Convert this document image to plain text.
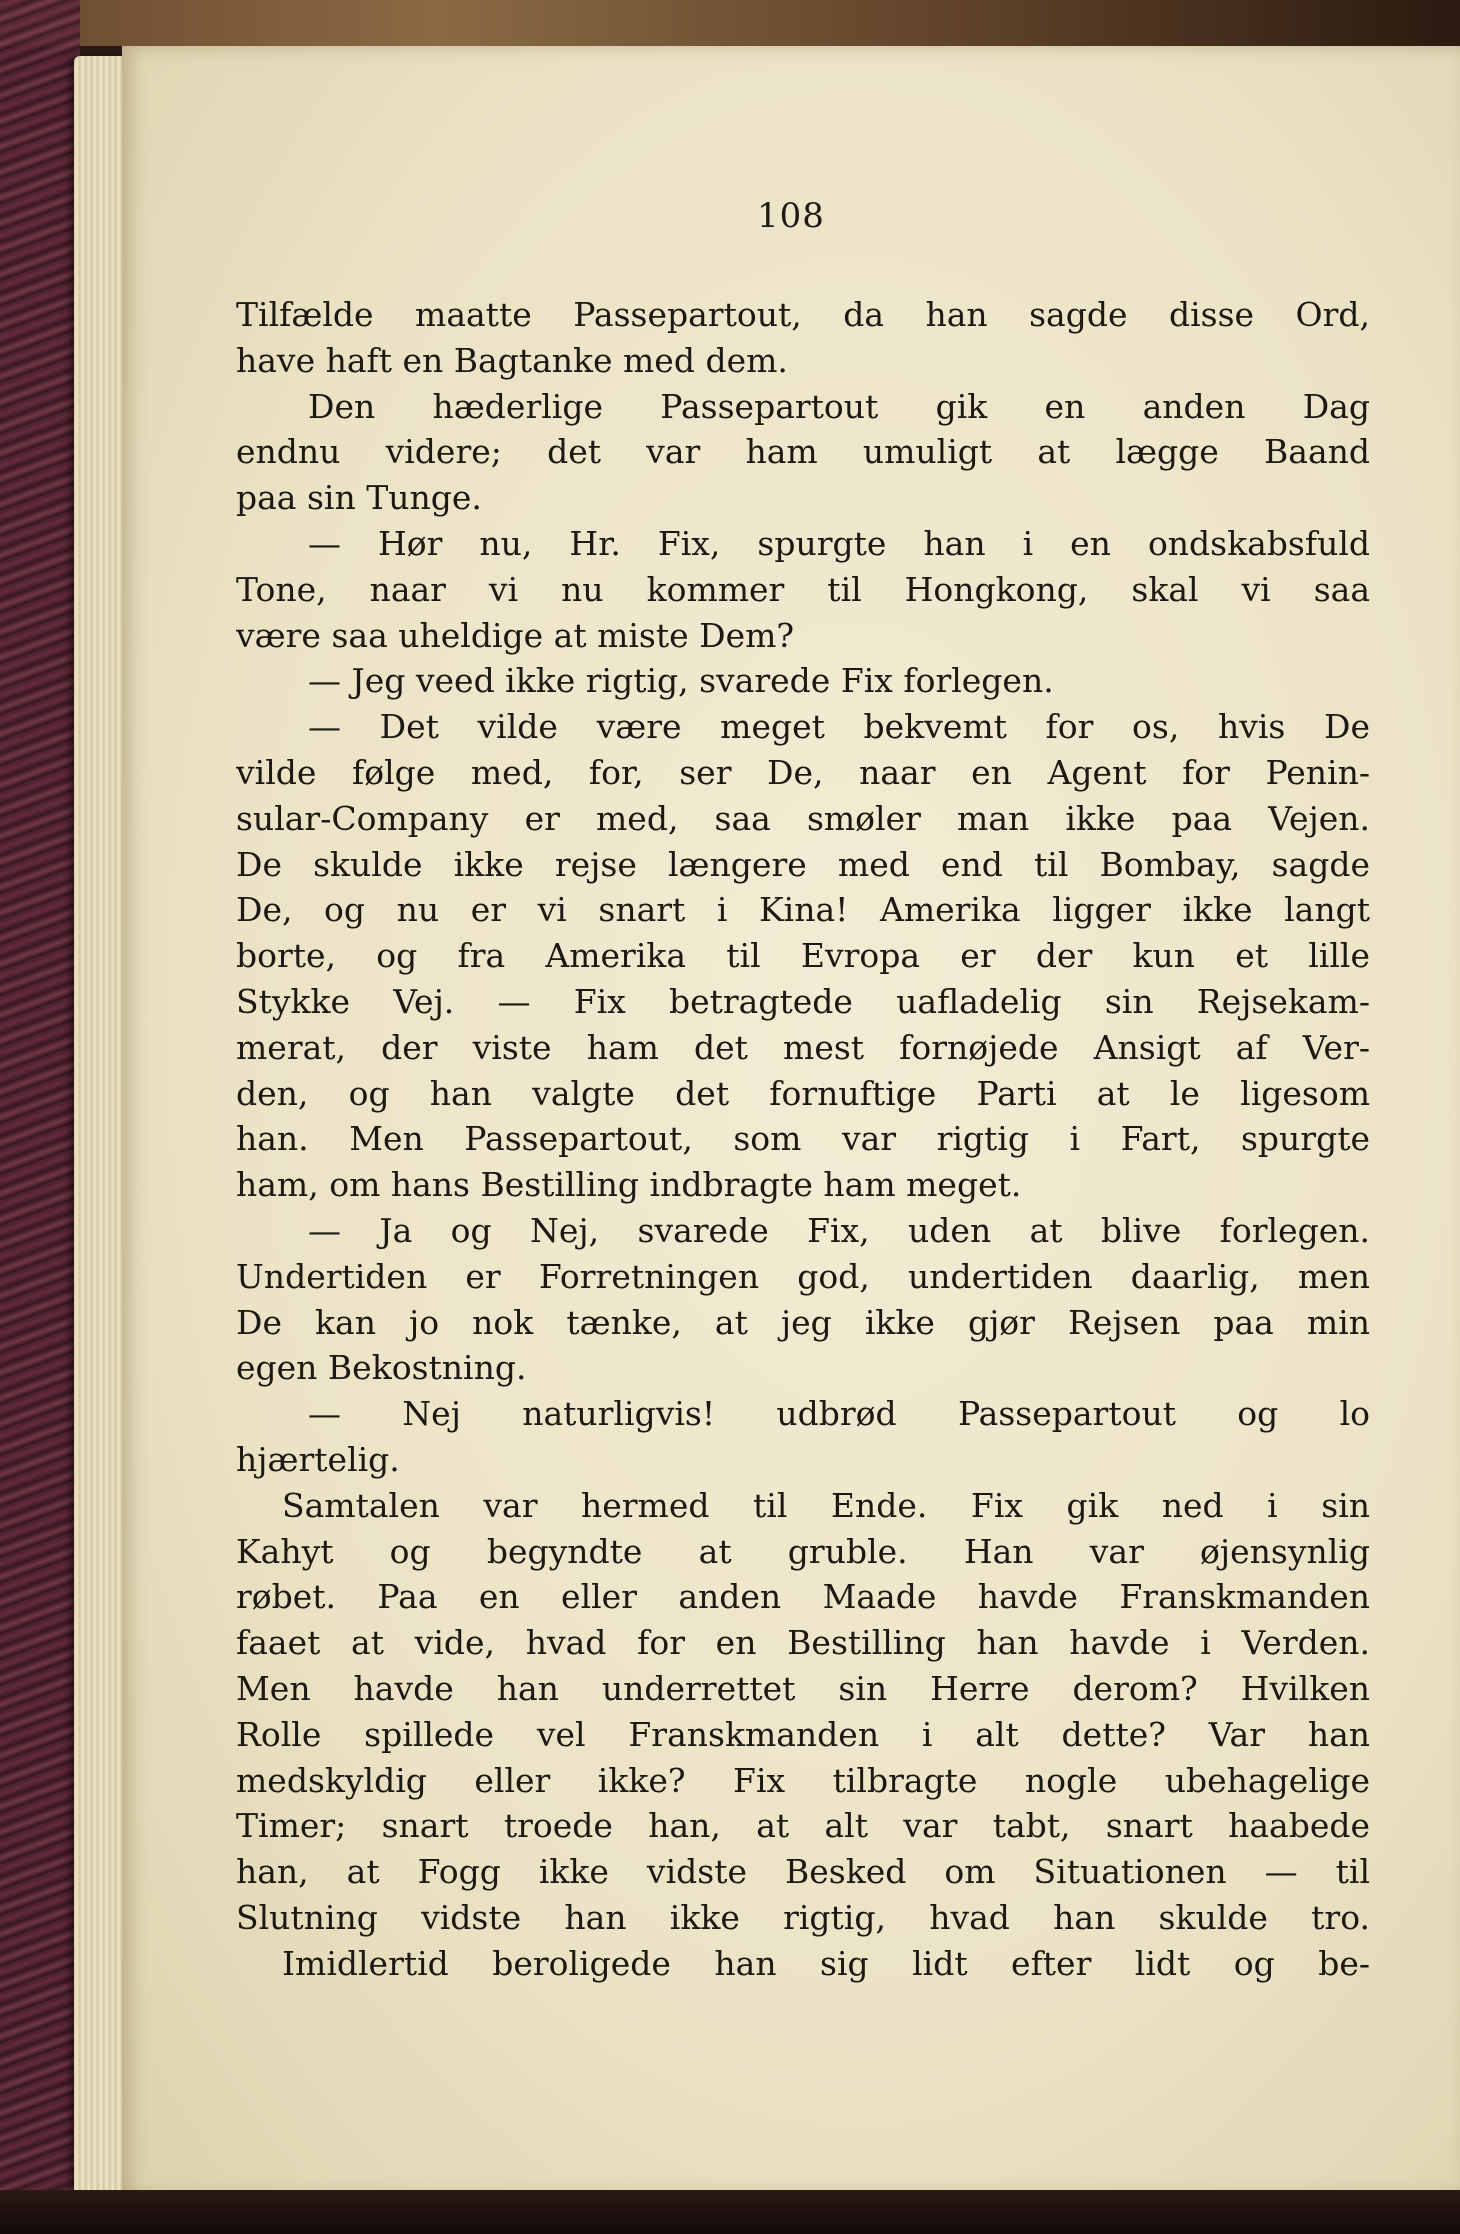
108
Tilfælde maatte Passepartout, da han sagde disse Ord,
have haft en Bagtanke med dem.
Den hæderlige Passepartout gik en anden Dag
endnu videre; det var ham umuligt at lægge Baand
paa sin Tunge.
— Hør nu, Hr. Fix, spurgte han i en ondskabsfuld
Tone, naar vi nu kommer til Hongkong, skal vi saa
være saa uheldige at miste Dem?
— Jeg veed ikke rigtig, svarede Fix forlegen.
— Det vilde være meget bekvemt for os, hvis De
vilde følge med, for, ser De, naar en Agent for Penin-
sular-Company er med, saa smøler man ikke paa Vejen.
De skulde ikke rejse længere med end til Bombay, sagde
De, og nu er vi snart i Kina! Amerika ligger ikke langt
borte, og fra Amerika til Evropa er der kun et lille
Stykke Vej. — Fix betragtede uafladelig sin Rejsekam-
merat, der viste ham det mest fornøjede Ansigt af Ver-
den, og han valgte det fornuftige Parti at le ligesom
han. Men Passepartout, som var rigtig i Fart, spurgte
ham, om hans Bestilling indbragte ham meget.
— Ja og Nej, svarede Fix, uden at blive forlegen.
Undertiden er Forretningen god, undertiden daarlig, men
De kan jo nok tænke, at jeg ikke gjør Rejsen paa min
egen Bekostning.
— Nej naturligvis! udbrød Passepartout og lo
hjærtelig.
Samtalen var hermed til Ende. Fix gik ned i sin
Kahyt og begyndte at gruble. Han var øjensynlig
røbet. Paa en eller anden Maade havde Franskmanden
faaet at vide, hvad for en Bestilling han havde i Verden.
Men havde han underrettet sin Herre derom? Hvilken
Rolle spillede vel Franskmanden i alt dette? Var han
medskyldig eller ikke? Fix tilbragte nogle ubehagelige
Timer; snart troede han, at alt var tabt, snart haabede
han, at Fogg ikke vidste Besked om Situationen — til
Slutning vidste han ikke rigtig, hvad han skulde tro.
Imidlertid beroligede han sig lidt efter lidt og be-
